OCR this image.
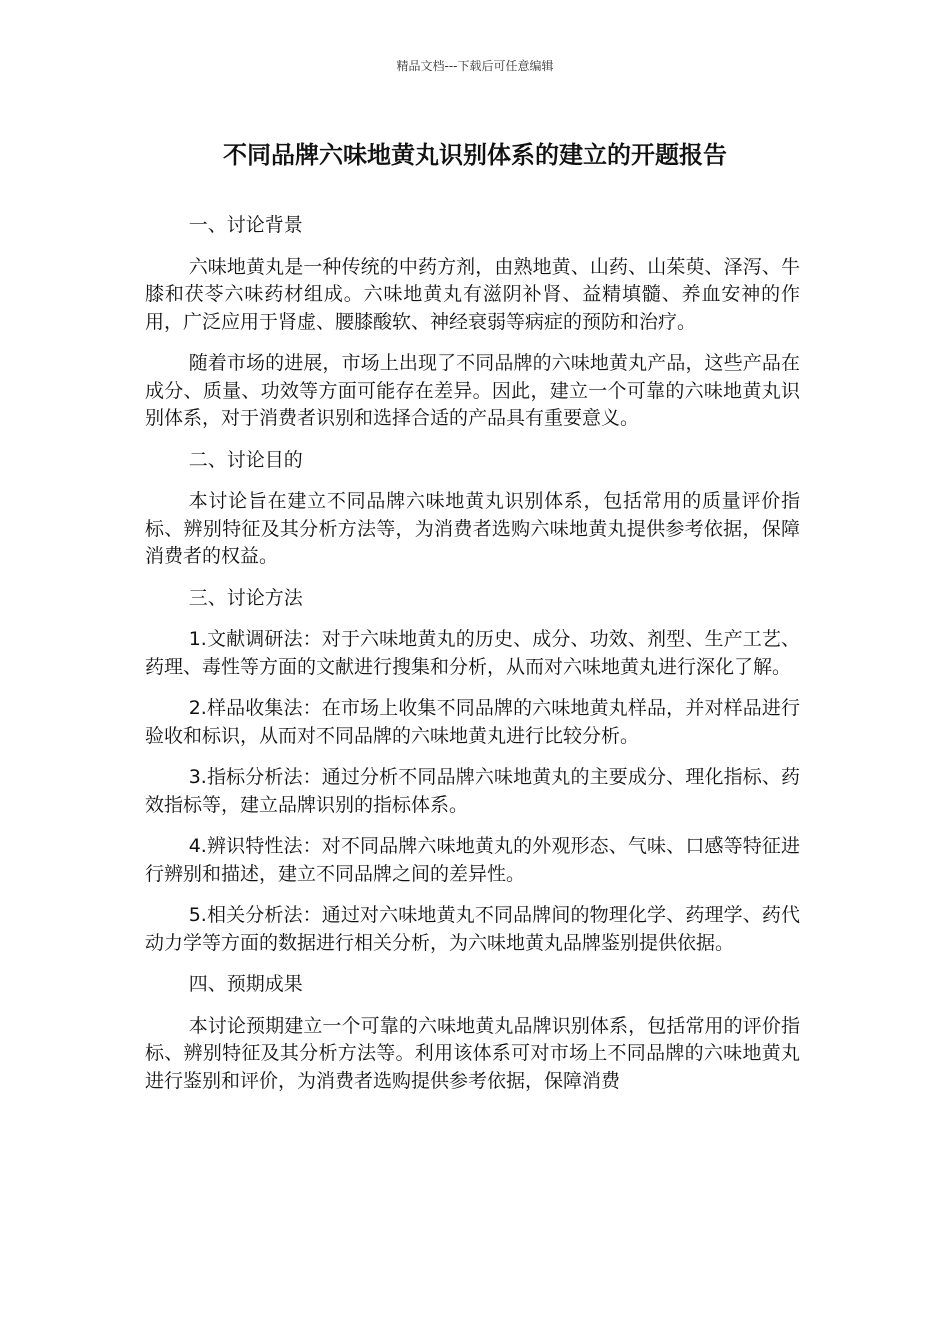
精品文档---下载后可任意编辑
不同品牌六味地黄丸识别体系的建立的开题报告

一、讨论背景

六味地黄丸是一种传统的中药方剂，由熟地黄、山药、山茱萸、泽泻、牛膝和茯苓六味药材组成。六味地黄丸有滋阴补肾、益精填髓、养血安神的作用，广泛应用于肾虚、腰膝酸软、神经衰弱等病症的预防和治疗。

随着市场的进展，市场上出现了不同品牌的六味地黄丸产品，这些产品在成分、质量、功效等方面可能存在差异。因此，建立一个可靠的六味地黄丸识别体系，对于消费者识别和选择合适的产品具有重要意义。

二、讨论目的

本讨论旨在建立不同品牌六味地黄丸识别体系，包括常用的质量评价指标、辨别特征及其分析方法等，为消费者选购六味地黄丸提供参考依据，保障消费者的权益。

三、讨论方法

1.文献调研法：对于六味地黄丸的历史、成分、功效、剂型、生产工艺、药理、毒性等方面的文献进行搜集和分析，从而对六味地黄丸进行深化了解。

2.样品收集法：在市场上收集不同品牌的六味地黄丸样品，并对样品进行验收和标识，从而对不同品牌的六味地黄丸进行比较分析。

3.指标分析法：通过分析不同品牌六味地黄丸的主要成分、理化指标、药效指标等，建立品牌识别的指标体系。

4.辨识特性法：对不同品牌六味地黄丸的外观形态、气味、口感等特征进行辨别和描述，建立不同品牌之间的差异性。

5.相关分析法：通过对六味地黄丸不同品牌间的物理化学、药理学、药代动力学等方面的数据进行相关分析，为六味地黄丸品牌鉴别提供依据。

四、预期成果

本讨论预期建立一个可靠的六味地黄丸品牌识别体系，包括常用的评价指标、辨别特征及其分析方法等。利用该体系可对市场上不同品牌的六味地黄丸进行鉴别和评价，为消费者选购提供参考依据，保障消费
